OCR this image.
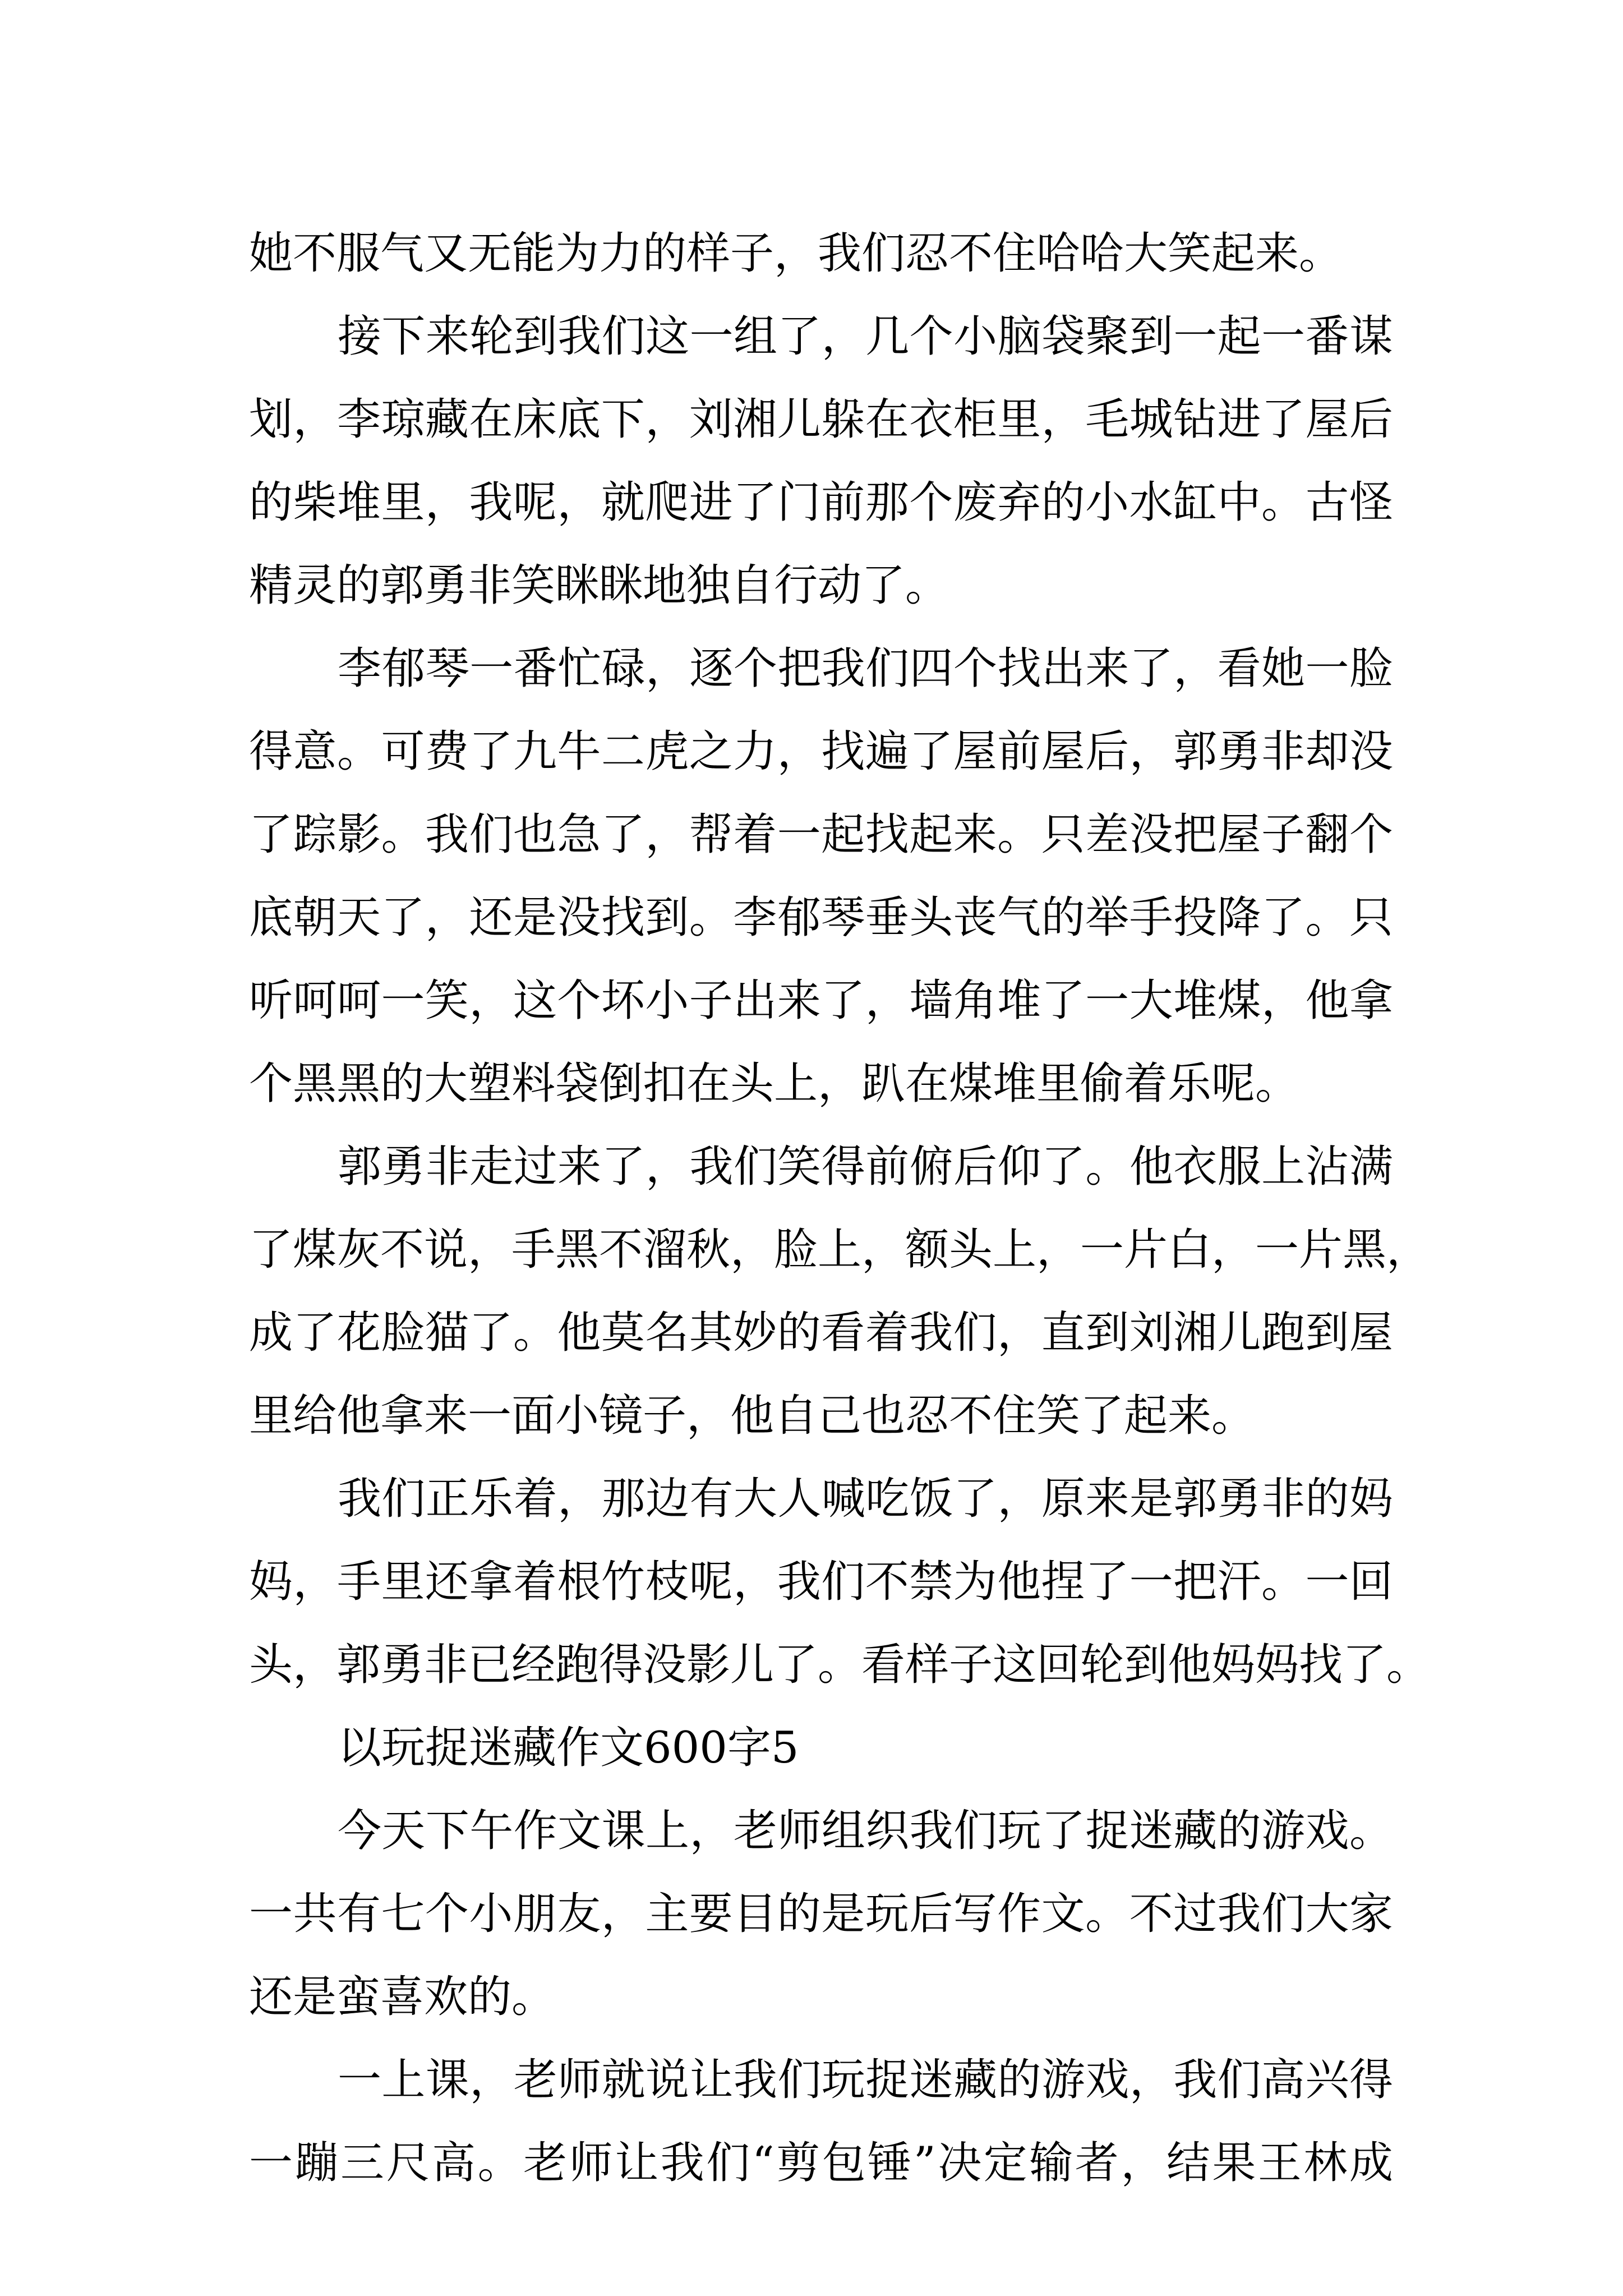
她不服气又无能为力的样子，我们忍不住哈哈大笑起来。
接下来轮到我们这一组了，几个小脑袋聚到一起一番谋
划，李琼藏在床底下，刘湘儿躲在衣柜里，毛城钻进了屋后
的柴堆里，我呢，就爬进了门前那个废弃的小水缸中。古怪
精灵的郭勇非笑眯眯地独自行动了。
李郁琴一番忙碌，逐个把我们四个找出来了，看她一脸
得意。可费了九牛二虎之力，找遍了屋前屋后，郭勇非却没
了踪影。我们也急了，帮着一起找起来。只差没把屋子翻个
底朝天了，还是没找到。李郁琴垂头丧气的举手投降了。只
听呵呵一笑，这个坏小子出来了，墙角堆了一大堆煤，他拿
个黑黑的大塑料袋倒扣在头上，趴在煤堆里偷着乐呢。
郭勇非走过来了，我们笑得前俯后仰了。他衣服上沾满
了煤灰不说，手黑不溜秋，脸上，额头上，一片白，一片黑，
成了花脸猫了。他莫名其妙的看着我们，直到刘湘儿跑到屋
里给他拿来一面小镜子，他自己也忍不住笑了起来。
我们正乐着，那边有大人喊吃饭了，原来是郭勇非的妈
妈，手里还拿着根竹枝呢，我们不禁为他捏了一把汗。一回
头，郭勇非已经跑得没影儿了。看样子这回轮到他妈妈找了。
以玩捉迷藏作文600字5
今天下午作文课上，老师组织我们玩了捉迷藏的游戏。
一共有七个小朋友，主要目的是玩后写作文。不过我们大家
还是蛮喜欢的。
一上课，老师就说让我们玩捉迷藏的游戏，我们高兴得
一蹦三尺高。老师让我们“剪包锤”决定输者，结果王林成
